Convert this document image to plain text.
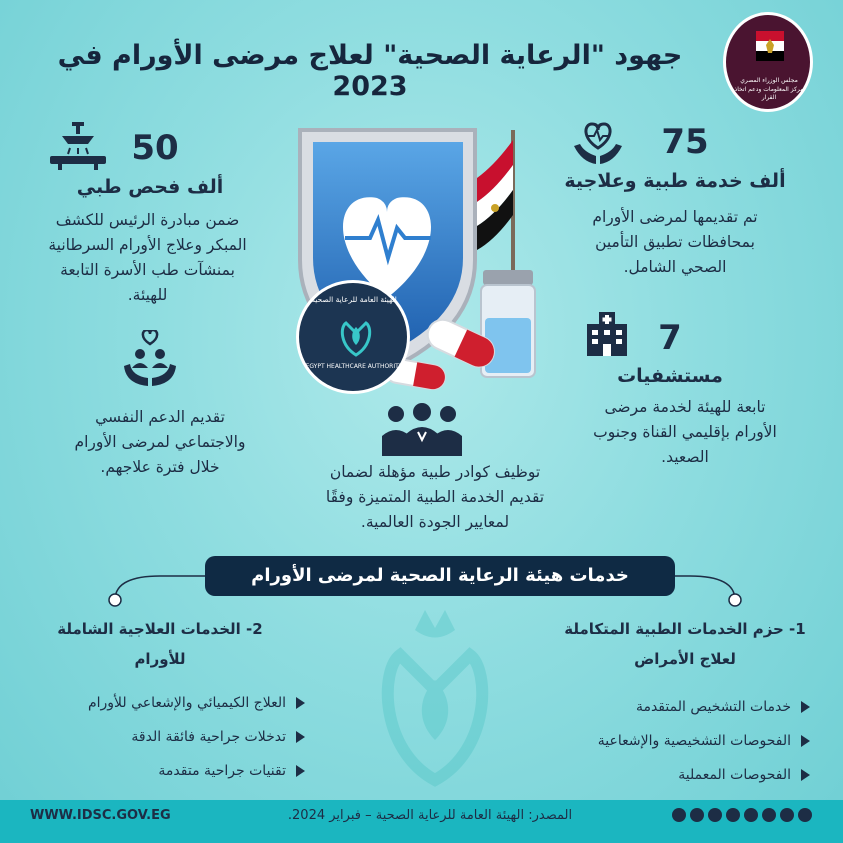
جهود "الرعاية الصحية" لعلاج مرضى الأورام في 2023	مجلس الوزراء المصري
مركز المعلومات ودعم اتخاذ القرار
الهيئة العامة للرعاية الصحية
EGYPT HEALTHCARE AUTHORITY
75
ألف خدمة طبية وعلاجية
تم تقديمها لمرضى الأورام
بمحافظات تطبيق التأمين
الصحي الشامل.
50
ألف فحص طبي
ضمن مبادرة الرئيس للكشف
المبكر وعلاج الأورام السرطانية
بمنشآت طب الأسرة التابعة
للهيئة.
7
مستشفيات
تابعة للهيئة لخدمة مرضى
الأورام بإقليمي القناة وجنوب
الصعيد.
تقديم الدعم النفسي
والاجتماعي لمرضى الأورام
خلال فترة علاجهم.	توظيف كوادر طبية مؤهلة لضمان
تقديم الخدمة الطبية المتميزة وفقًا
لمعايير الجودة العالمية.
خدمات هيئة الرعاية الصحية لمرضى الأورام
1- حزم الخدمات الطبية المتكاملة
لعلاج الأمراض
خدمات التشخيص المتقدمة
الفحوصات التشخيصية والإشعاعية
الفحوصات المعملية
2- الخدمات العلاجية الشاملة
للأورام
العلاج الكيميائي والإشعاعي للأورام
تدخلات جراحية فائقة الدقة
تقنيات جراحية متقدمة
WWW.IDSC.GOV.EG	المصدر: الهيئة العامة للرعاية الصحية – فبراير 2024.
